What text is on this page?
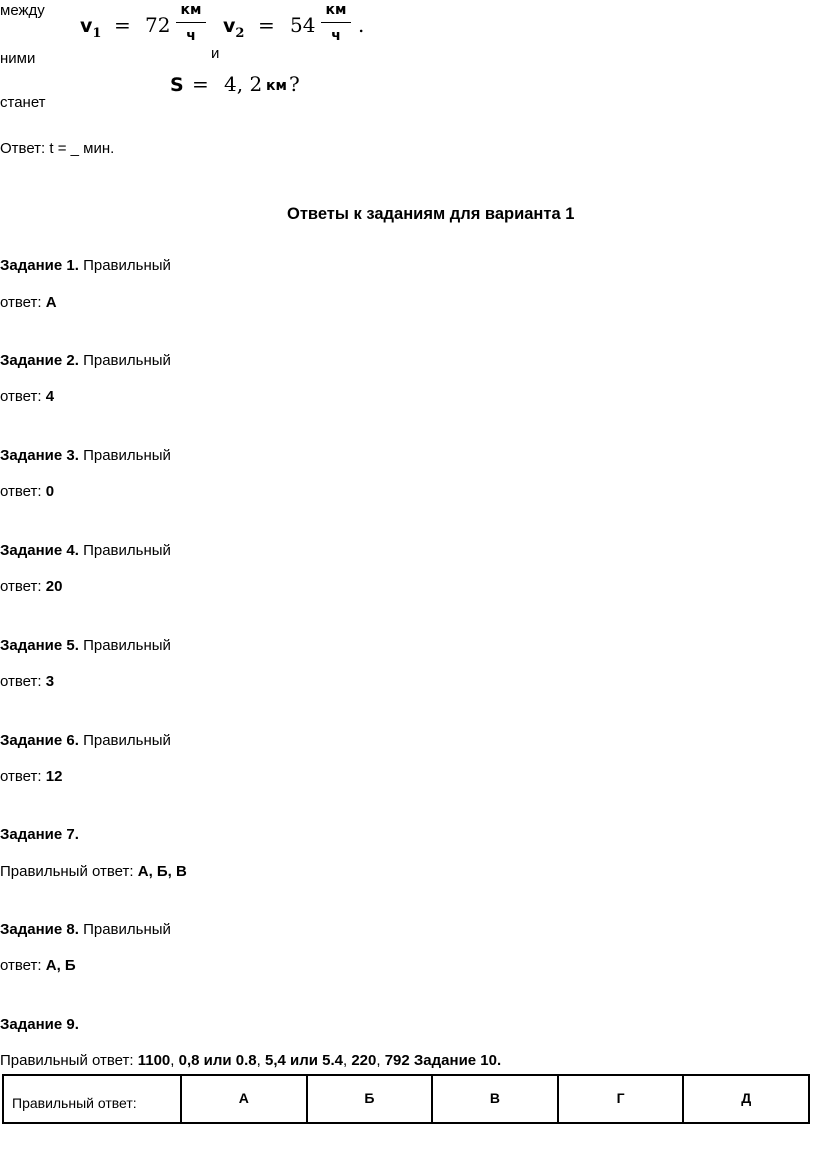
между
ними
станет
$v_1 = 72$
км
ч
и
$v_2 = 54$
км
ч .
S = 4, 2 км ?
Ответ: t = _ мин.
Ответы к заданиям для варианта 1
Задание 1. Правильный
ответ: А
Задание 2. Правильный
ответ: 4
Задание 3. Правильный
ответ: 0
Задание 4. Правильный
ответ: 20
Задание 5. Правильный
ответ: 3
Задание 6. Правильный
ответ: 12
Задание 7.
Правильный ответ: А, Б, В
Задание 8. Правильный
ответ: А, Б
Задание 9.
Правильный ответ: 1100, 0,8 или 0.8, 5,4 или 5.4, 220, 792 Задание 10.
Правильный ответ:	А	Б	В	Г	Д
